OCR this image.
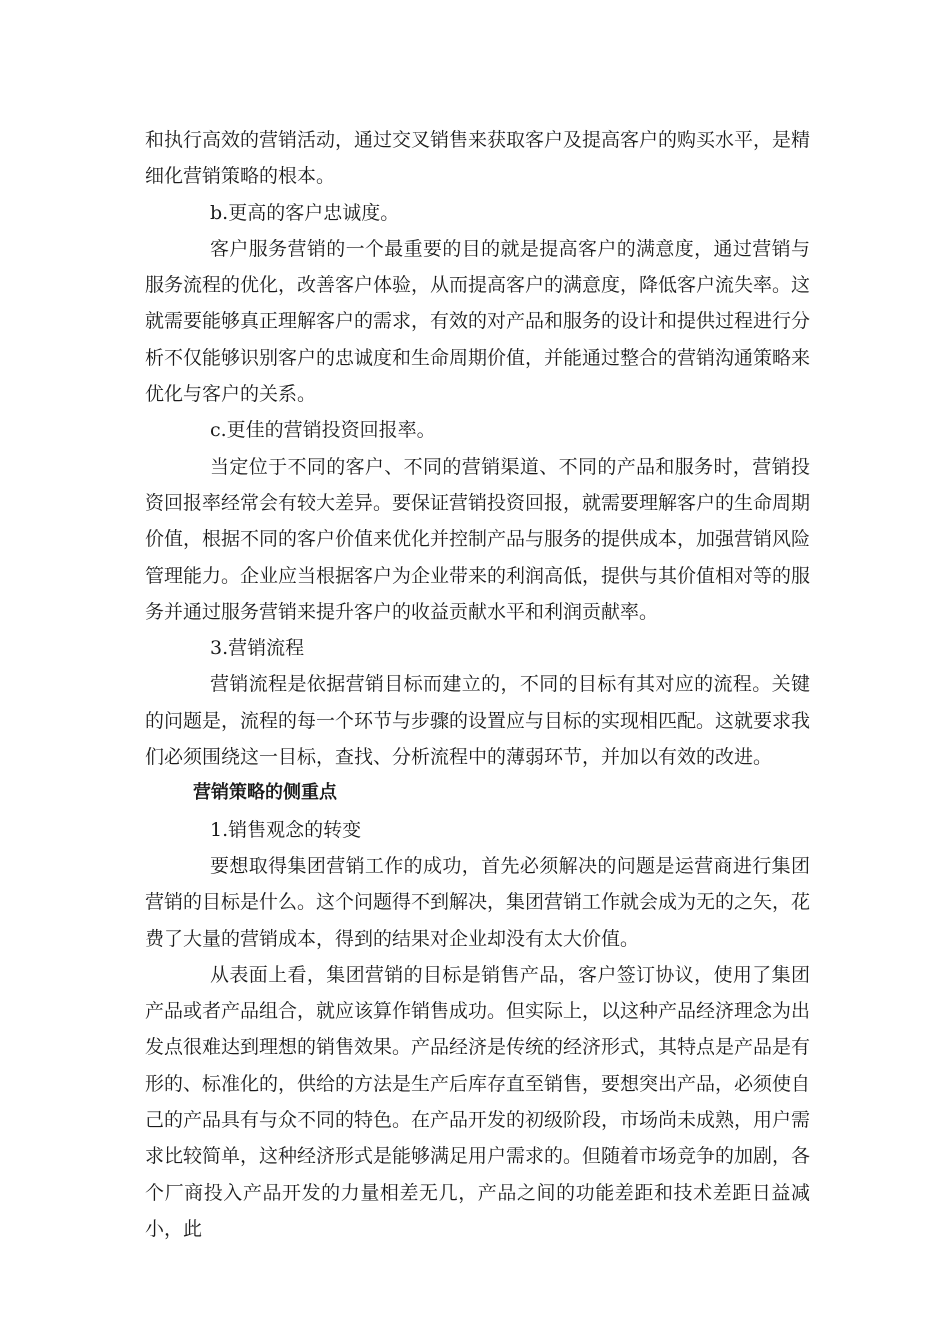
和执行高效的营销活动，通过交叉销售来获取客户及提高客户的购买水平，是精细化营销策略的根本。

b.更高的客户忠诚度。

客户服务营销的一个最重要的目的就是提高客户的满意度，通过营销与服务流程的优化，改善客户体验，从而提高客户的满意度，降低客户流失率。这就需要能够真正理解客户的需求，有效的对产品和服务的设计和提供过程进行分析不仅能够识别客户的忠诚度和生命周期价值，并能通过整合的营销沟通策略来优化与客户的关系。

c.更佳的营销投资回报率。

当定位于不同的客户、不同的营销渠道、不同的产品和服务时，营销投资回报率经常会有较大差异。要保证营销投资回报，就需要理解客户的生命周期价值，根据不同的客户价值来优化并控制产品与服务的提供成本，加强营销风险管理能力。企业应当根据客户为企业带来的利润高低，提供与其价值相对等的服务并通过服务营销来提升客户的收益贡献水平和利润贡献率。

3.营销流程

营销流程是依据营销目标而建立的，不同的目标有其对应的流程。关键的问题是，流程的每一个环节与步骤的设置应与目标的实现相匹配。这就要求我们必须围绕这一目标，查找、分析流程中的薄弱环节，并加以有效的改进。

营销策略的侧重点

1.销售观念的转变

要想取得集团营销工作的成功，首先必须解决的问题是运营商进行集团营销的目标是什么。这个问题得不到解决，集团营销工作就会成为无的之矢，花费了大量的营销成本，得到的结果对企业却没有太大价值。

从表面上看，集团营销的目标是销售产品，客户签订协议，使用了集团产品或者产品组合，就应该算作销售成功。但实际上，以这种产品经济理念为出发点很难达到理想的销售效果。产品经济是传统的经济形式，其特点是产品是有形的、标准化的，供给的方法是生产后库存直至销售，要想突出产品，必须使自己的产品具有与众不同的特色。在产品开发的初级阶段，市场尚未成熟，用户需求比较简单，这种经济形式是能够满足用户需求的。但随着市场竞争的加剧，各个厂商投入产品开发的力量相差无几，产品之间的功能差距和技术差距日益减小，此
